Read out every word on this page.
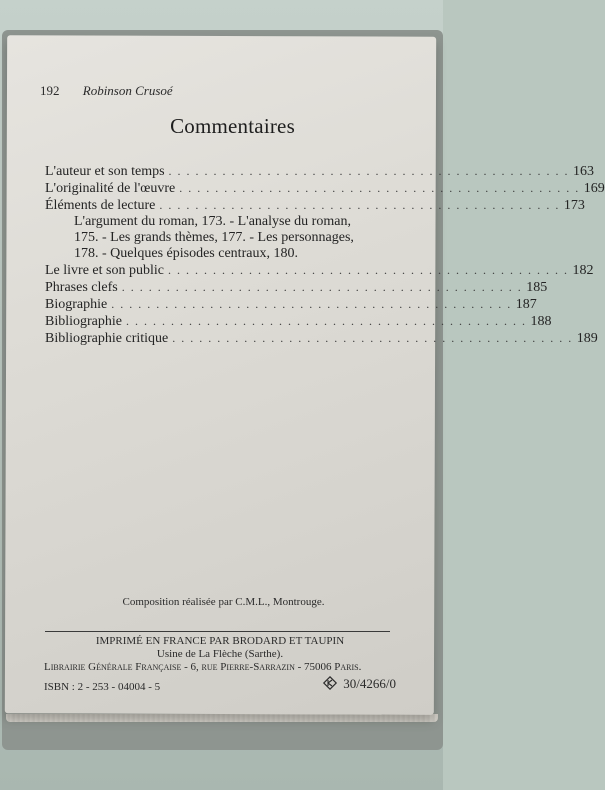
192 Robinson Crusoé
Commentaires
L'auteur et son temps . . . . . . . . . . . . . . . . . . . . . . . . . . . . . . . . . . . . . . . . . . . . . 163
L'originalité de l'œuvre . . . . . . . . . . . . . . . . . . . . . . . . . . . . . . . . . . . . . . . . . . . . . 169
Éléments de lecture . . . . . . . . . . . . . . . . . . . . . . . . . . . . . . . . . . . . . . . . . . . . . 173
L'argument du roman, 173. - L'analyse du roman,
175. - Les grands thèmes, 177. - Les personnages,
178. - Quelques épisodes centraux, 180.
Le livre et son public . . . . . . . . . . . . . . . . . . . . . . . . . . . . . . . . . . . . . . . . . . . . . 182
Phrases clefs . . . . . . . . . . . . . . . . . . . . . . . . . . . . . . . . . . . . . . . . . . . . . 185
Biographie . . . . . . . . . . . . . . . . . . . . . . . . . . . . . . . . . . . . . . . . . . . . . 187
Bibliographie . . . . . . . . . . . . . . . . . . . . . . . . . . . . . . . . . . . . . . . . . . . . . 188
Bibliographie critique . . . . . . . . . . . . . . . . . . . . . . . . . . . . . . . . . . . . . . . . . . . . . 189
Composition réalisée par C.M.L., Montrouge.
IMPRIMÉ EN FRANCE PAR BRODARD ET TAUPIN
Usine de La Flèche (Sarthe).
Librairie Générale Française - 6, rue Pierre-Sarrazin - 75006 Paris.
ISBN : 2 - 253 - 04004 - 5	30/4266/0
